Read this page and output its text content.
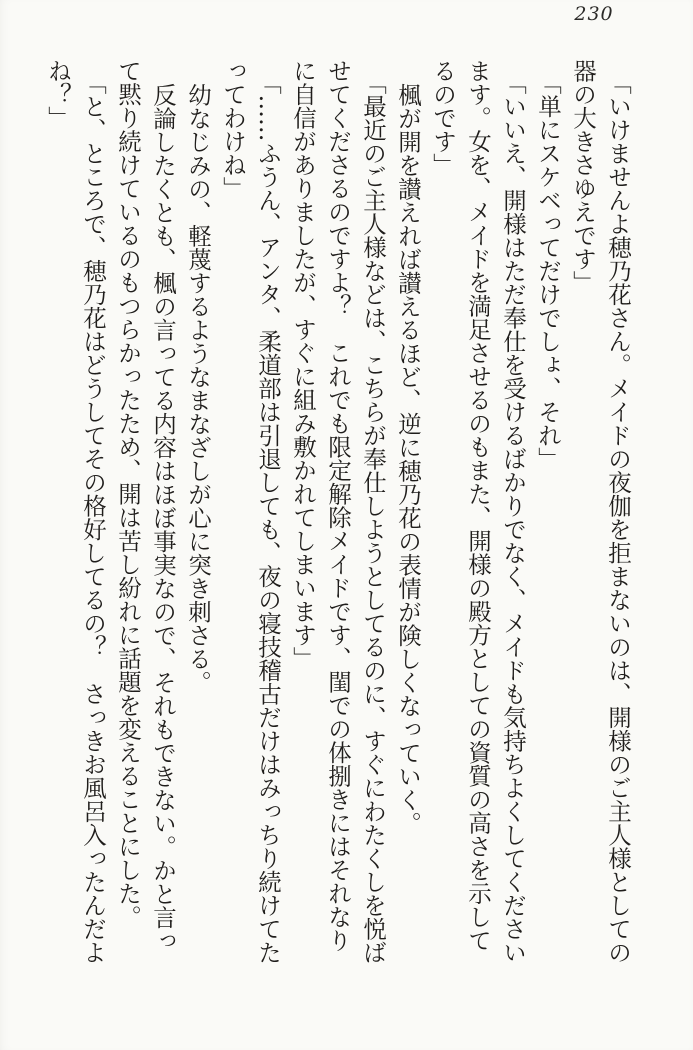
230

「いけませんよ穂乃花さん。メイドの夜伽を拒まないのは、開様のご主人様としての器の大きさゆえです」

「単にスケベってだけでしょ、それ」

「いいえ、開様はただ奉仕を受けるばかりでなく、メイドも気持ちよくしてくださいます。女を、メイドを満足させるのもまた、開様の殿方としての資質の高さを示してるのです」

楓が開を讃えれば讃えるほど、逆に穂乃花の表情が険しくなっていく。

「最近のご主人様などは、こちらが奉仕しようとしてるのに、すぐにわたくしを悦ばせてくださるのですよ？　これでも限定解除メイドです、閨での体捌きにはそれなりに自信がありましたが、すぐに組み敷かれてしまいます」

「……ふうん、アンタ、柔道部は引退しても、夜の寝技稽古だけはみっちり続けてたってわけね」

幼なじみの、軽蔑するようなまなざしが心に突き刺さる。

反論したくとも、楓の言ってる内容はほぼ事実なので、それもできない。かと言って黙り続けているのもつらかったため、開は苦し紛れに話題を変えることにした。

「と、ところで、穂乃花はどうしてその格好してるの？　さっきお風呂入ったんだよね？」
